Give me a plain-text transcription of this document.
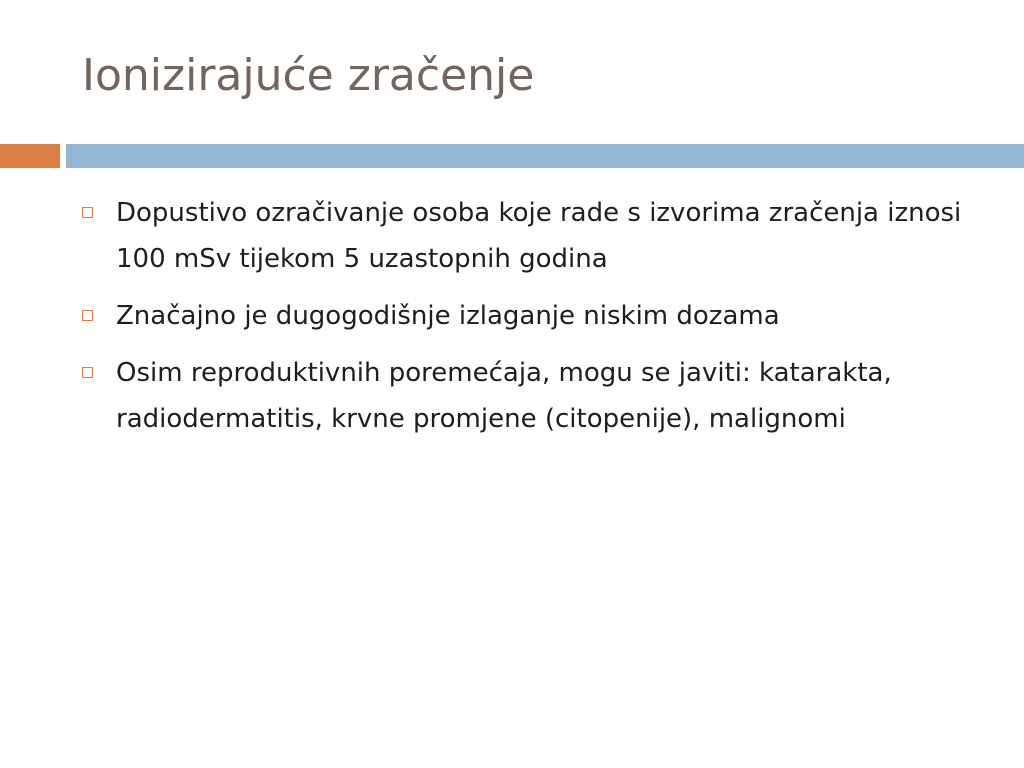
Ionizirajuće zračenje
Dopustivo ozračivanje osoba koje rade s izvorima zračenja iznosi 100 mSv tijekom 5 uzastopnih godina
Značajno je dugogodišnje izlaganje niskim dozama
Osim reproduktivnih poremećaja, mogu se javiti: katarakta, radiodermatitis, krvne promjene (citopenije), malignomi
